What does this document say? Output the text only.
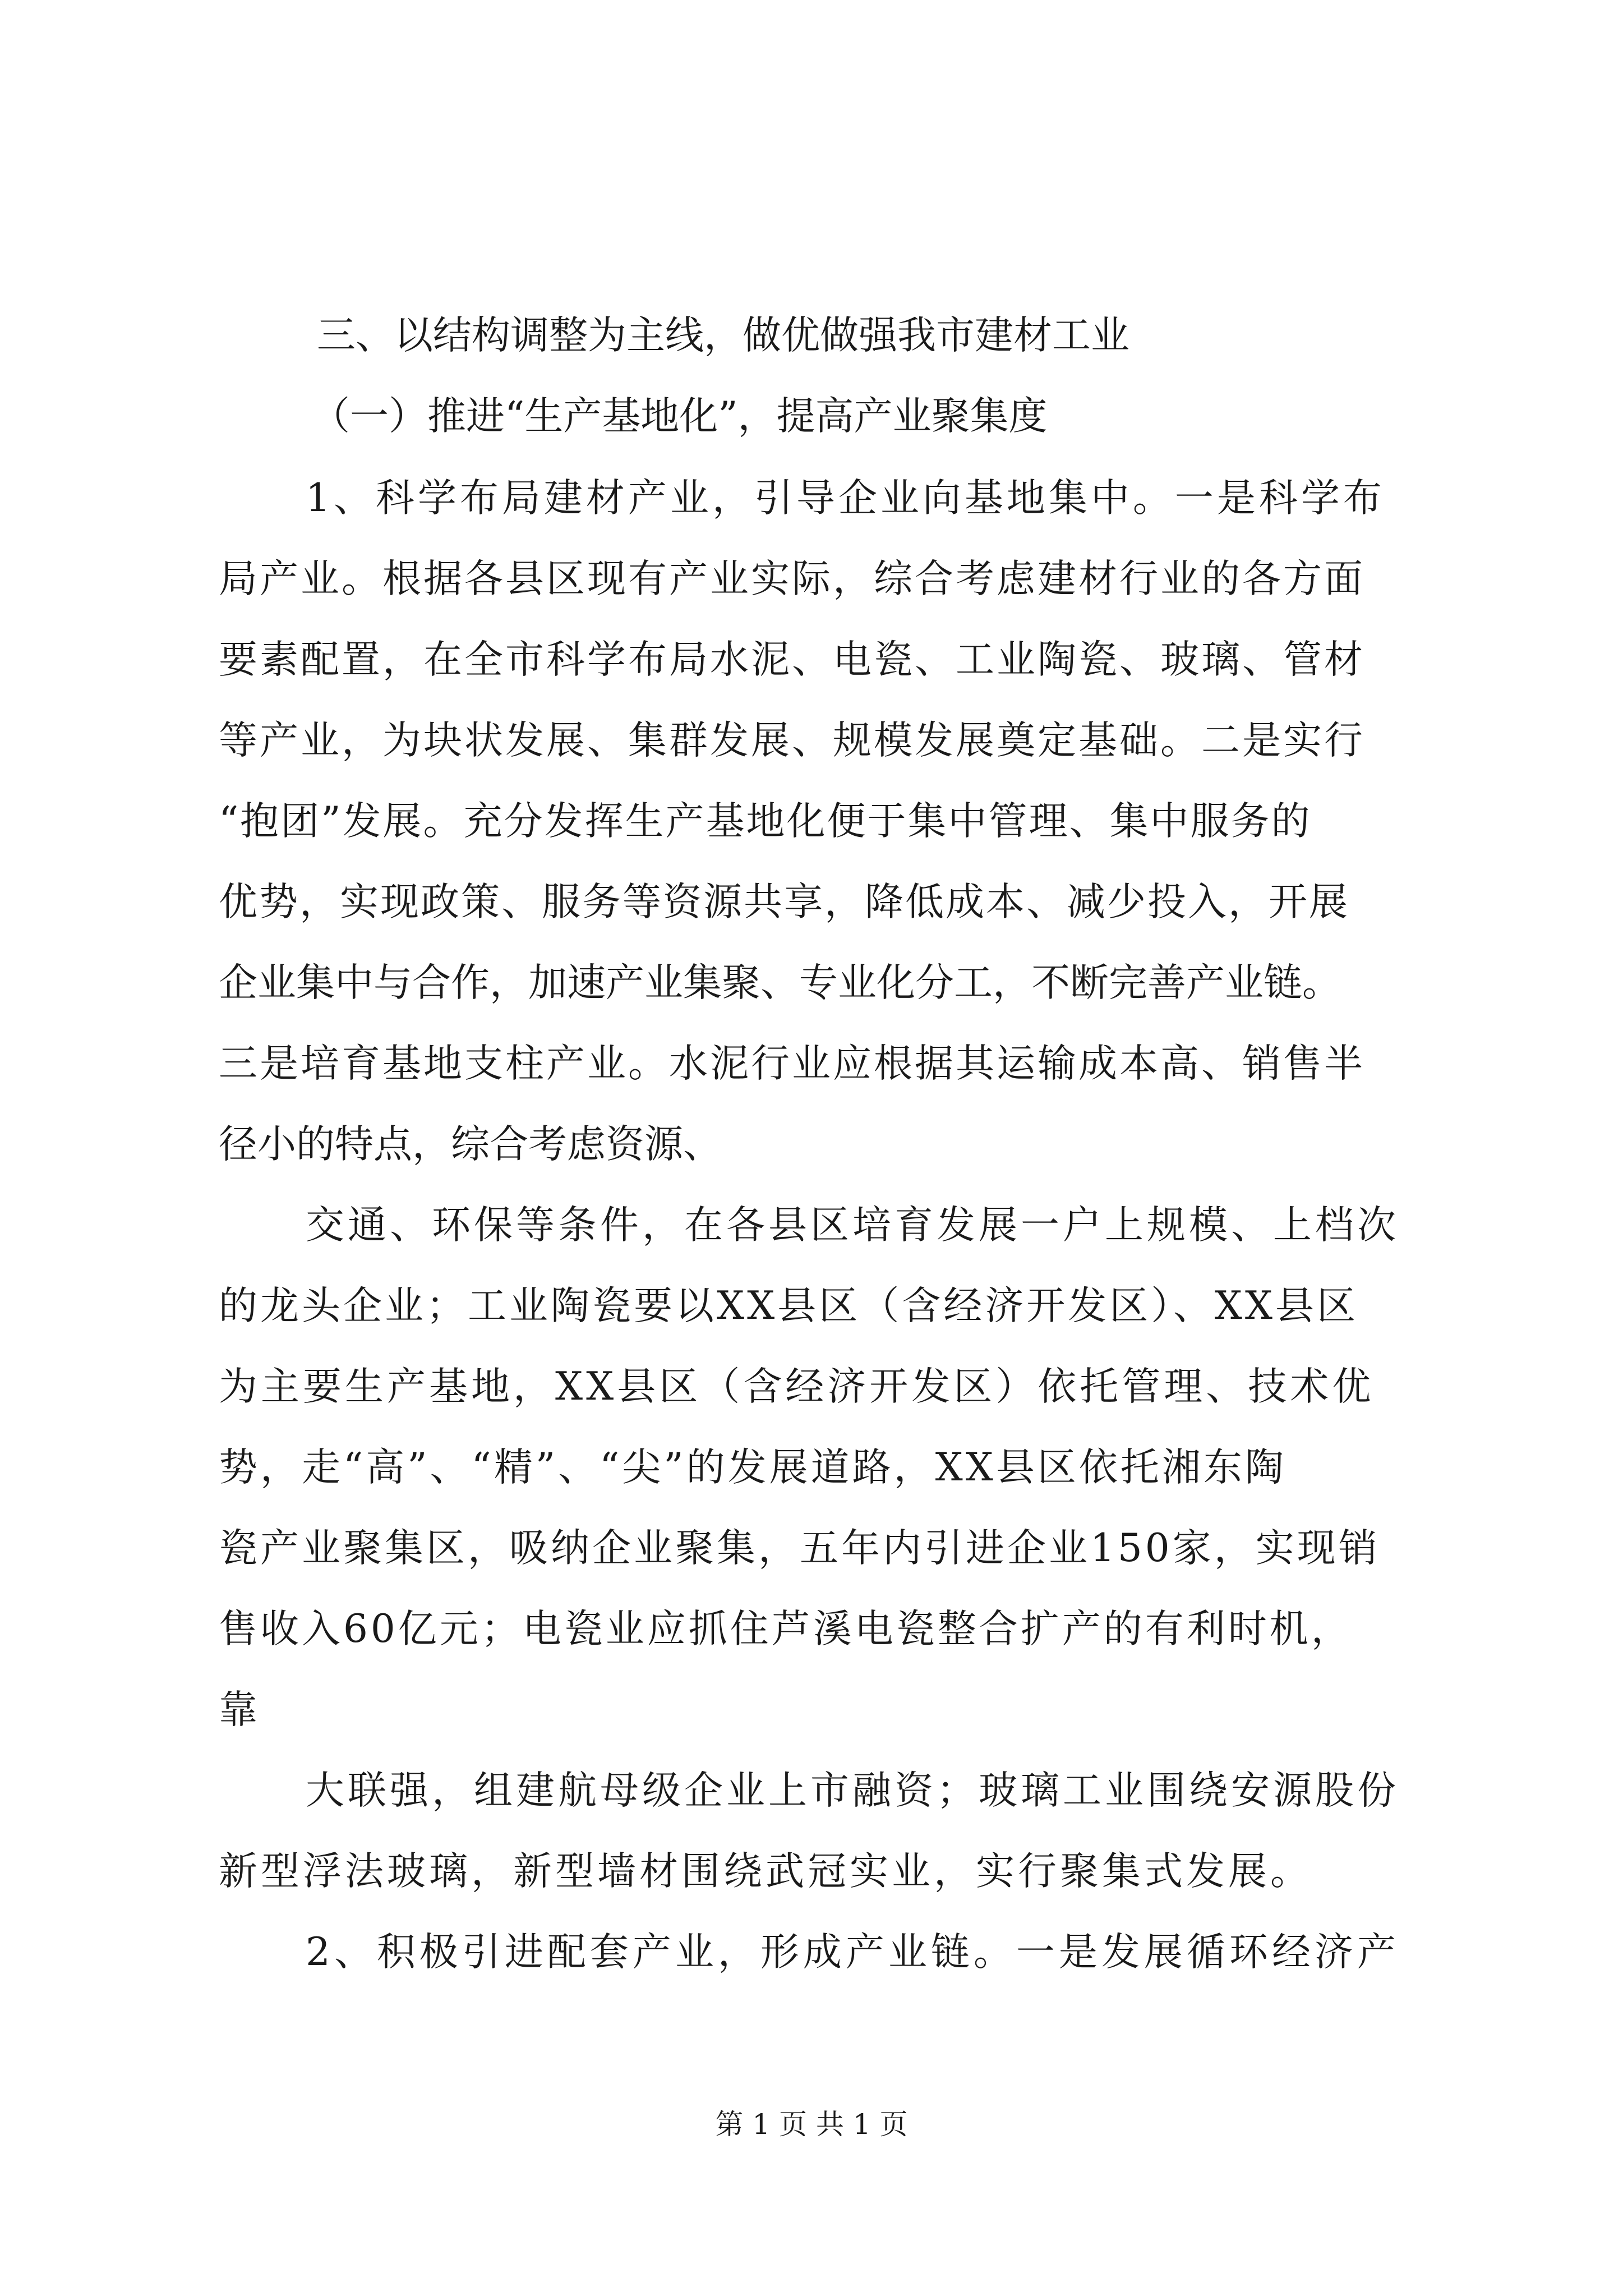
三、以结构调整为主线，做优做强我市建材工业
（一）推进“生产基地化”，提高产业聚集度
1、科学布局建材产业，引导企业向基地集中。一是科学布
局产业。根据各县区现有产业实际，综合考虑建材行业的各方面
要素配置，在全市科学布局水泥、电瓷、工业陶瓷、玻璃、管材
等产业，为块状发展、集群发展、规模发展奠定基础。二是实行
“抱团”发展。充分发挥生产基地化便于集中管理、集中服务的
优势，实现政策、服务等资源共享，降低成本、减少投入，开展
企业集中与合作，加速产业集聚、专业化分工，不断完善产业链。
三是培育基地支柱产业。水泥行业应根据其运输成本高、销售半
径小的特点，综合考虑资源、
交通、环保等条件，在各县区培育发展一户上规模、上档次
的龙头企业；工业陶瓷要以XX县区（含经济开发区）、XX县区
为主要生产基地，XX县区（含经济开发区）依托管理、技术优
势，走“高”、“精”、“尖”的发展道路，XX县区依托湘东陶
瓷产业聚集区，吸纳企业聚集，五年内引进企业150家，实现销
售收入60亿元；电瓷业应抓住芦溪电瓷整合扩产的有利时机，
靠
大联强，组建航母级企业上市融资；玻璃工业围绕安源股份
新型浮法玻璃，新型墙材围绕武冠实业，实行聚集式发展。
2、积极引进配套产业，形成产业链。一是发展循环经济产
第 1 页 共 1 页
